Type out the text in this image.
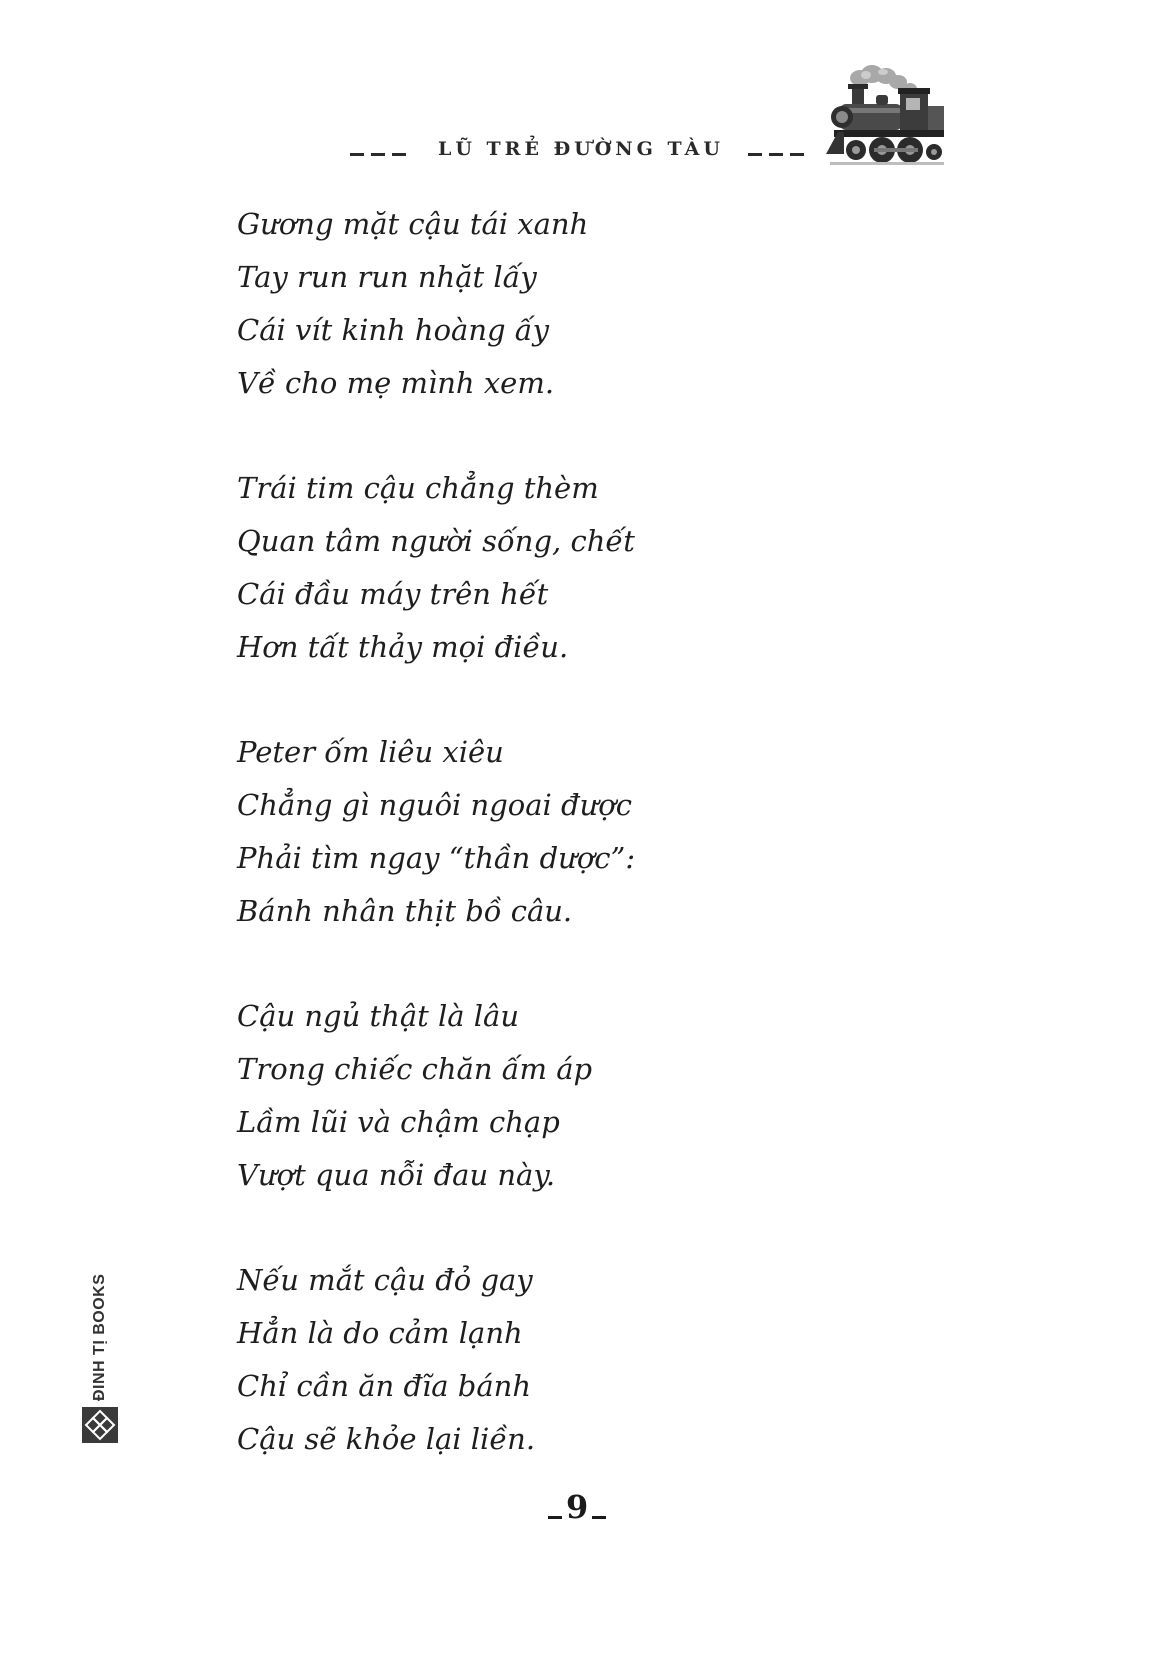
LŨ TRẺ ĐƯỜNG TÀU
Gương mặt cậu tái xanh
Tay run run nhặt lấy
Cái vít kinh hoàng ấy
Về cho mẹ mình xem.
Trái tim cậu chẳng thèm
Quan tâm người sống, chết
Cái đầu máy trên hết
Hơn tất thảy mọi điều.
Peter ốm liêu xiêu
Chẳng gì nguôi ngoai được
Phải tìm ngay “thần dược”:
Bánh nhân thịt bồ câu.
Cậu ngủ thật là lâu
Trong chiếc chăn ấm áp
Lầm lũi và chậm chạp
Vượt qua nỗi đau này.
Nếu mắt cậu đỏ gay
Hẳn là do cảm lạnh
Chỉ cần ăn đĩa bánh
Cậu sẽ khỏe lại liền.
9
ĐINH TỊ BOOKS
